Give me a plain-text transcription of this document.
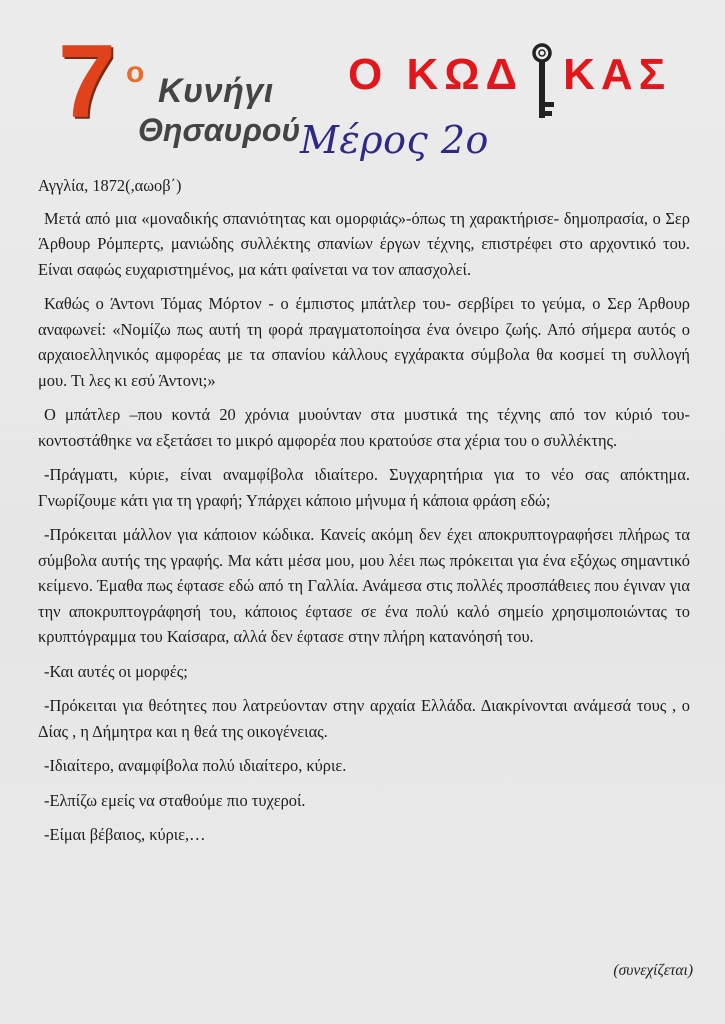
7 ο Κυνήγι
Θησαυρού
Ο ΚΩΔ ΚΑΣ
Μέρος 2ο

Αγγλία, 1872(,αωοβ΄)

Μετά από μια «μοναδικής σπανιότητας και ομορφιάς»-όπως τη χαρακτήρισε- δημοπρασία, ο Σερ Άρθουρ Ρόμπερτς, μανιώδης συλλέκτης σπανίων έργων τέχνης, επιστρέφει στο αρχοντικό του. Είναι σαφώς ευχαριστημένος, μα κάτι φαίνεται να τον απασχολεί.

Καθώς ο Άντονι Τόμας Μόρτον - ο έμπιστος μπάτλερ του- σερβίρει το γεύμα, ο Σερ Άρθουρ αναφωνεί: «Νομίζω πως αυτή τη φορά πραγματοποίησα ένα όνειρο ζωής. Από σήμερα αυτός ο αρχαιοελληνικός αμφορέας με τα σπανίου κάλλους εγχάρακτα σύμβολα θα κοσμεί τη συλλογή μου. Τι λες κι εσύ Άντονι;»

Ο μπάτλερ –που κοντά 20 χρόνια μυούνταν στα μυστικά της τέχνης από τον κύριό του- κοντοστάθηκε να εξετάσει το μικρό αμφορέα που κρατούσε στα χέρια του ο συλλέκτης.

-Πράγματι, κύριε, είναι αναμφίβολα ιδιαίτερο. Συγχαρητήρια για το νέο σας απόκτημα. Γνωρίζουμε κάτι για τη γραφή; Υπάρχει κάποιο μήνυμα ή κάποια φράση εδώ;

-Πρόκειται μάλλον για κάποιον κώδικα. Κανείς ακόμη δεν έχει αποκρυπτογραφήσει πλήρως τα σύμβολα αυτής της γραφής. Μα κάτι μέσα μου, μου λέει πως πρόκειται για ένα εξόχως σημαντικό κείμενο. Έμαθα πως έφτασε εδώ από τη Γαλλία. Ανάμεσα στις πολλές προσπάθειες που έγιναν για την αποκρυπτογράφησή του, κάποιος έφτασε σε ένα πολύ καλό σημείο χρησιμοποιώντας το κρυπτόγραμμα του Καίσαρα, αλλά δεν έφτασε στην πλήρη κατανόησή του.

-Και αυτές οι μορφές;

-Πρόκειται για θεότητες που λατρεύονταν στην αρχαία Ελλάδα. Διακρίνονται ανάμεσά τους , ο Δίας , η Δήμητρα και η θεά της οικογένειας.

-Ιδιαίτερο, αναμφίβολα πολύ ιδιαίτερο, κύριε.

-Ελπίζω εμείς να σταθούμε πιο τυχεροί.

-Είμαι βέβαιος, κύριε,…

(συνεχίζεται)
